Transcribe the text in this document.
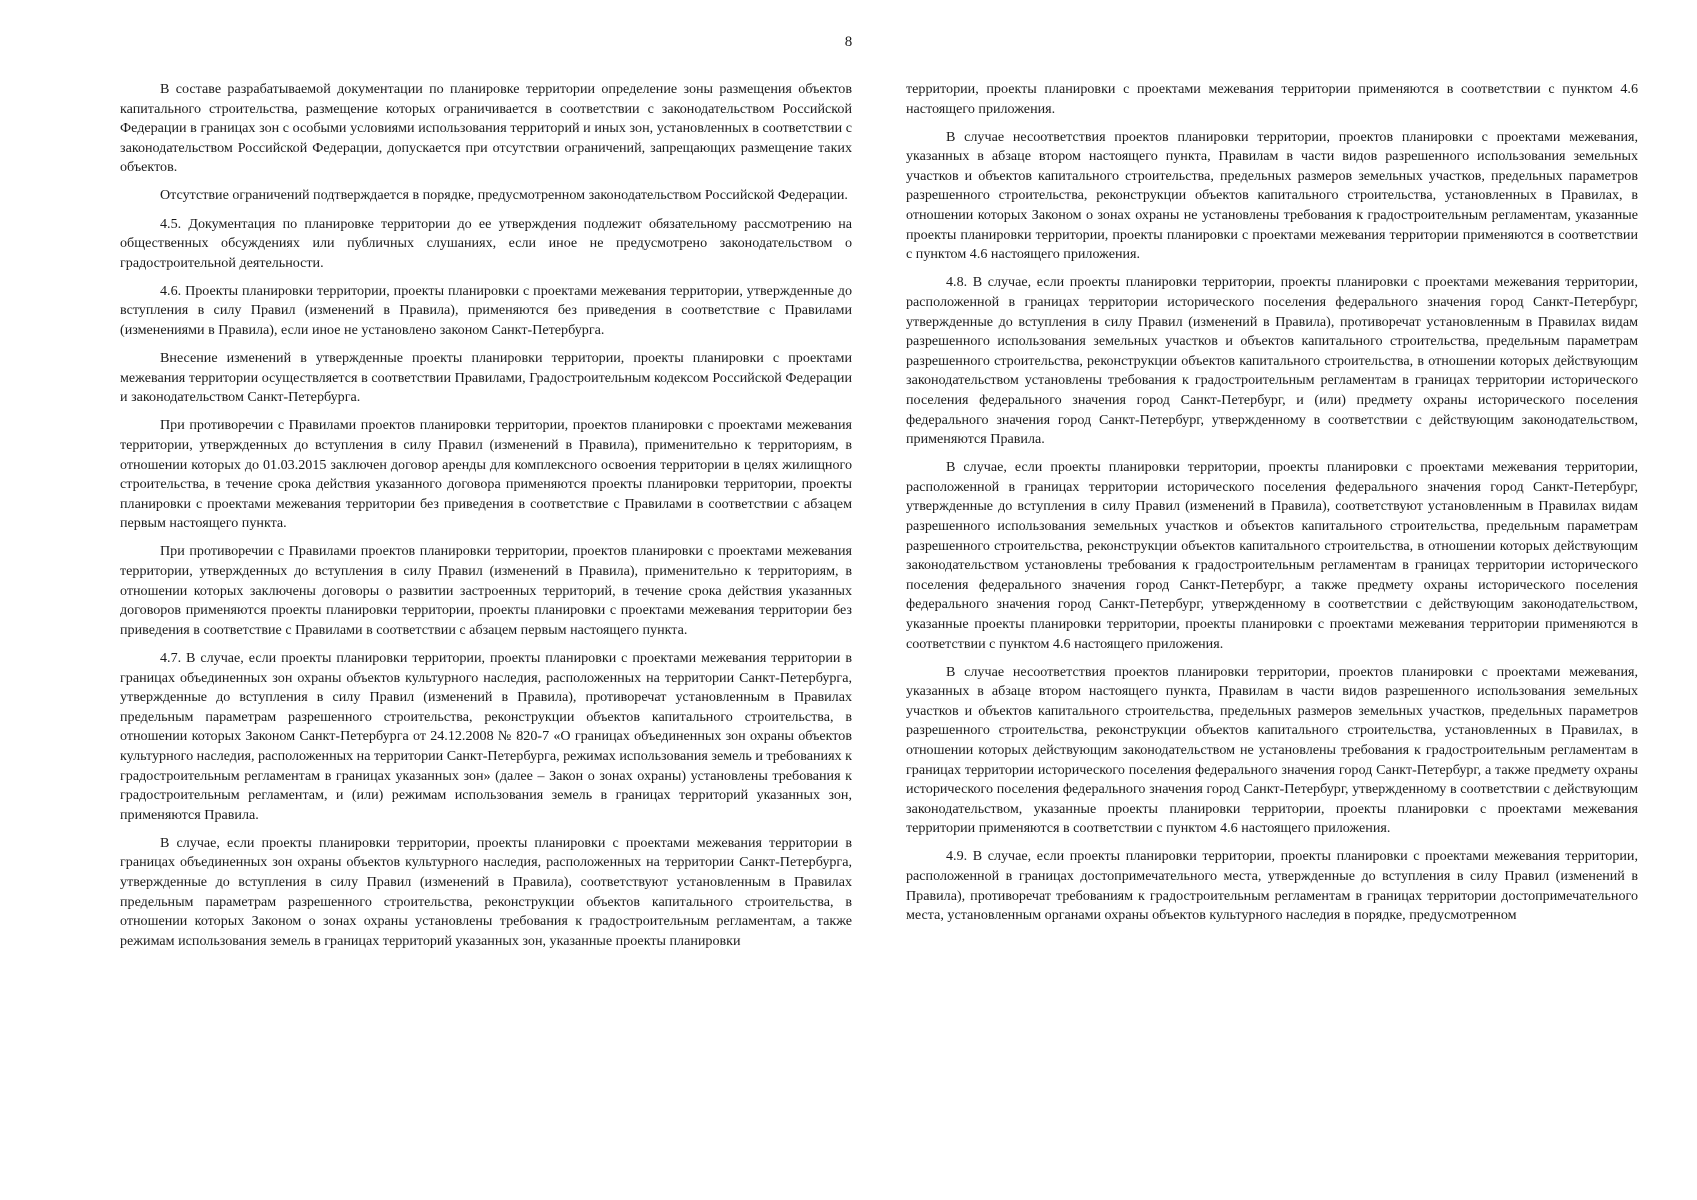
8

В составе разрабатываемой документации по планировке территории определение зоны размещения объектов капитального строительства, размещение которых ограничивается в соответствии с законодательством Российской Федерации в границах зон с особыми условиями использования территорий и иных зон, установленных в соответствии с законодательством Российской Федерации, допускается при отсутствии ограничений, запрещающих размещение таких объектов.

Отсутствие ограничений подтверждается в порядке, предусмотренном законодательством Российской Федерации.

4.5. Документация по планировке территории до ее утверждения подлежит обязательному рассмотрению на общественных обсуждениях или публичных слушаниях, если иное не предусмотрено законодательством о градостроительной деятельности.

4.6. Проекты планировки территории, проекты планировки с проектами межевания территории, утвержденные до вступления в силу Правил (изменений в Правила), применяются без приведения в соответствие с Правилами (изменениями в Правила), если иное не установлено законом Санкт-Петербурга.

Внесение изменений в утвержденные проекты планировки территории, проекты планировки с проектами межевания территории осуществляется в соответствии Правилами, Градостроительным кодексом Российской Федерации и законодательством Санкт-Петербурга.

При противоречии с Правилами проектов планировки территории, проектов планировки с проектами межевания территории, утвержденных до вступления в силу Правил (изменений в Правила), применительно к территориям, в отношении которых до 01.03.2015 заключен договор аренды для комплексного освоения территории в целях жилищного строительства, в течение срока действия указанного договора применяются проекты планировки территории, проекты планировки с проектами межевания территории без приведения в соответствие с Правилами в соответствии с абзацем первым настоящего пункта.

При противоречии с Правилами проектов планировки территории, проектов планировки с проектами межевания территории, утвержденных до вступления в силу Правил (изменений в Правила), применительно к территориям, в отношении которых заключены договоры о развитии застроенных территорий, в течение срока действия указанных договоров применяются проекты планировки территории, проекты планировки с проектами межевания территории без приведения в соответствие с Правилами в соответствии с абзацем первым настоящего пункта.

4.7. В случае, если проекты планировки территории, проекты планировки с проектами межевания территории в границах объединенных зон охраны объектов культурного наследия, расположенных на территории Санкт-Петербурга, утвержденные до вступления в силу Правил (изменений в Правила), противоречат установленным в Правилах предельным параметрам разрешенного строительства, реконструкции объектов капитального строительства, в отношении которых Законом Санкт-Петербурга от 24.12.2008 № 820-7 «О границах объединенных зон охраны объектов культурного наследия, расположенных на территории Санкт-Петербурга, режимах использования земель и требованиях к градостроительным регламентам в границах указанных зон» (далее – Закон о зонах охраны) установлены требования к градостроительным регламентам, и (или) режимам использования земель в границах территорий указанных зон, применяются Правила.

В случае, если проекты планировки территории, проекты планировки с проектами межевания территории в границах объединенных зон охраны объектов культурного наследия, расположенных на территории Санкт-Петербурга, утвержденные до вступления в силу Правил (изменений в Правила), соответствуют установленным в Правилах предельным параметрам разрешенного строительства, реконструкции объектов капитального строительства, в отношении которых Законом о зонах охраны установлены требования к градостроительным регламентам, а также режимам использования земель в границах территорий указанных зон, указанные проекты планировки

территории, проекты планировки с проектами межевания территории применяются в соответствии с пунктом 4.6 настоящего приложения.

В случае несоответствия проектов планировки территории, проектов планировки с проектами межевания, указанных в абзаце втором настоящего пункта, Правилам в части видов разрешенного использования земельных участков и объектов капитального строительства, предельных размеров земельных участков, предельных параметров разрешенного строительства, реконструкции объектов капитального строительства, установленных в Правилах, в отношении которых Законом о зонах охраны не установлены требования к градостроительным регламентам, указанные проекты планировки территории, проекты планировки с проектами межевания территории применяются в соответствии с пунктом 4.6 настоящего приложения.

4.8. В случае, если проекты планировки территории, проекты планировки с проектами межевания территории, расположенной в границах территории исторического поселения федерального значения город Санкт-Петербург, утвержденные до вступления в силу Правил (изменений в Правила), противоречат установленным в Правилах видам разрешенного использования земельных участков и объектов капитального строительства, предельным параметрам разрешенного строительства, реконструкции объектов капитального строительства, в отношении которых действующим законодательством установлены требования к градостроительным регламентам в границах территории исторического поселения федерального значения город Санкт-Петербург, и (или) предмету охраны исторического поселения федерального значения город Санкт-Петербург, утвержденному в соответствии с действующим законодательством, применяются Правила.

В случае, если проекты планировки территории, проекты планировки с проектами межевания территории, расположенной в границах территории исторического поселения федерального значения город Санкт-Петербург, утвержденные до вступления в силу Правил (изменений в Правила), соответствуют установленным в Правилах видам разрешенного использования земельных участков и объектов капитального строительства, предельным параметрам разрешенного строительства, реконструкции объектов капитального строительства, в отношении которых действующим законодательством установлены требования к градостроительным регламентам в границах территории исторического поселения федерального значения город Санкт-Петербург, а также предмету охраны исторического поселения федерального значения город Санкт-Петербург, утвержденному в соответствии с действующим законодательством, указанные проекты планировки территории, проекты планировки с проектами межевания территории применяются в соответствии с пунктом 4.6 настоящего приложения.

В случае несоответствия проектов планировки территории, проектов планировки с проектами межевания, указанных в абзаце втором настоящего пункта, Правилам в части видов разрешенного использования земельных участков и объектов капитального строительства, предельных размеров земельных участков, предельных параметров разрешенного строительства, реконструкции объектов капитального строительства, установленных в Правилах, в отношении которых действующим законодательством не установлены требования к градостроительным регламентам в границах территории исторического поселения федерального значения город Санкт-Петербург, а также предмету охраны исторического поселения федерального значения город Санкт-Петербург, утвержденному в соответствии с действующим законодательством, указанные проекты планировки территории, проекты планировки с проектами межевания территории применяются в соответствии с пунктом 4.6 настоящего приложения.

4.9. В случае, если проекты планировки территории, проекты планировки с проектами межевания территории, расположенной в границах достопримечательного места, утвержденные до вступления в силу Правил (изменений в Правила), противоречат требованиям к градостроительным регламентам в границах территории достопримечательного места, установленным органами охраны объектов культурного наследия в порядке, предусмотренном
